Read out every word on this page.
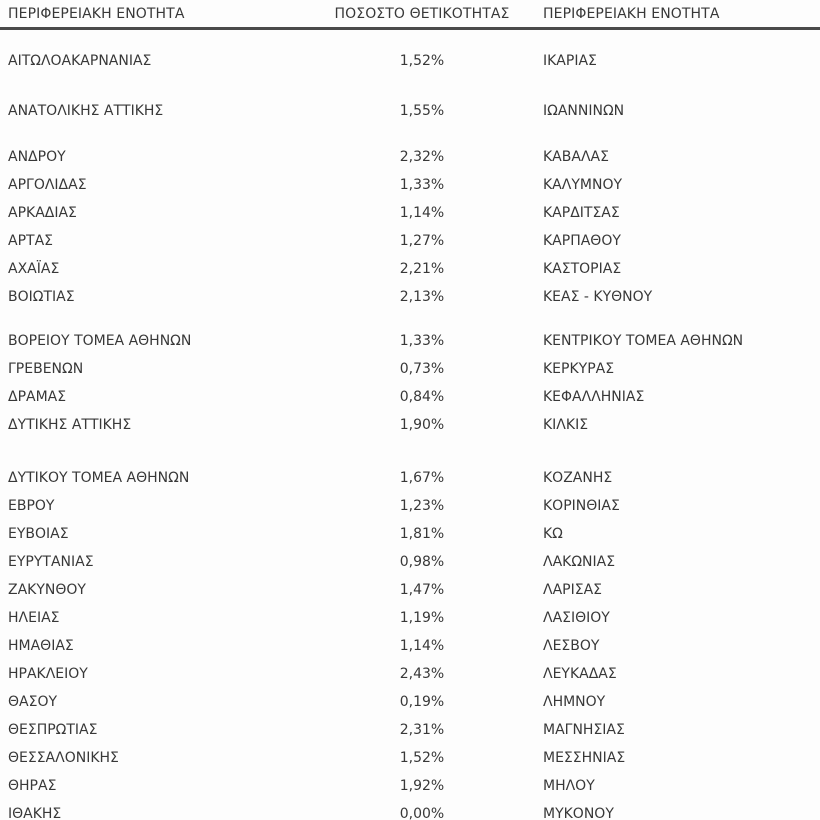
ΠΕΡΙΦΕΡΕΙΑΚΗ ΕΝΟΤΗΤΑ	ΠΟΣΟΣΤΟ ΘΕΤΙΚΟΤΗΤΑΣ	ΠΕΡΙΦΕΡΕΙΑΚΗ ΕΝΟΤΗΤΑ
ΑΙΤΩΛΟΑΚΑΡΝΑΝΙΑΣ	1,52%	ΙΚΑΡΙΑΣ
ΑΝΑΤΟΛΙΚΗΣ ΑΤΤΙΚΗΣ	1,55%	ΙΩΑΝΝΙΝΩΝ
ΑΝΔΡΟΥ	2,32%	ΚΑΒΑΛΑΣ
ΑΡΓΟΛΙΔΑΣ	1,33%	ΚΑΛΥΜΝΟΥ
ΑΡΚΑΔΙΑΣ	1,14%	ΚΑΡΔΙΤΣΑΣ
ΑΡΤΑΣ	1,27%	ΚΑΡΠΑΘΟΥ
ΑΧΑΪΑΣ	2,21%	ΚΑΣΤΟΡΙΑΣ
ΒΟΙΩΤΙΑΣ	2,13%	ΚΕΑΣ - ΚΥΘΝΟΥ
ΒΟΡΕΙΟΥ ΤΟΜΕΑ ΑΘΗΝΩΝ	1,33%	ΚΕΝΤΡΙΚΟΥ ΤΟΜΕΑ ΑΘΗΝΩΝ
ΓΡΕΒΕΝΩΝ	0,73%	ΚΕΡΚΥΡΑΣ
ΔΡΑΜΑΣ	0,84%	ΚΕΦΑΛΛΗΝΙΑΣ
ΔΥΤΙΚΗΣ ΑΤΤΙΚΗΣ	1,90%	ΚΙΛΚΙΣ
ΔΥΤΙΚΟΥ ΤΟΜΕΑ ΑΘΗΝΩΝ	1,67%	ΚΟΖΑΝΗΣ
ΕΒΡΟΥ	1,23%	ΚΟΡΙΝΘΙΑΣ
ΕΥΒΟΙΑΣ	1,81%	ΚΩ
ΕΥΡΥΤΑΝΙΑΣ	0,98%	ΛΑΚΩΝΙΑΣ
ΖΑΚΥΝΘΟΥ	1,47%	ΛΑΡΙΣΑΣ
ΗΛΕΙΑΣ	1,19%	ΛΑΣΙΘΙΟΥ
ΗΜΑΘΙΑΣ	1,14%	ΛΕΣΒΟΥ
ΗΡΑΚΛΕΙΟΥ	2,43%	ΛΕΥΚΑΔΑΣ
ΘΑΣΟΥ	0,19%	ΛΗΜΝΟΥ
ΘΕΣΠΡΩΤΙΑΣ	2,31%	ΜΑΓΝΗΣΙΑΣ
ΘΕΣΣΑΛΟΝΙΚΗΣ	1,52%	ΜΕΣΣΗΝΙΑΣ
ΘΗΡΑΣ	1,92%	ΜΗΛΟΥ
ΙΘΑΚΗΣ	0,00%	ΜΥΚΟΝΟΥ
